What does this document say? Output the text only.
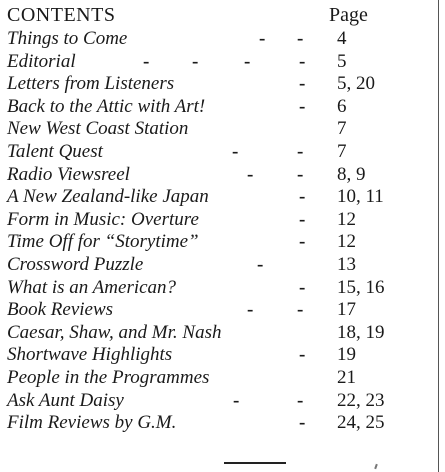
CONTENTS	Page
Things to Come	- - 4
Editorial	- - -	- 5
Letters from Listeners	- 5, 20
Back to the Attic with Art!	- 6
New West Coast Station	7
Talent Quest	-	- 7
Radio Viewsreel	- - 8, 9
A New Zealand-like Japan	- 10, 11
Form in Music: Overture	- 12
Time Off for “Storytime”	- 12
Crossword Puzzle	-	13
What is an American?	- 15, 16
Book Reviews	- - 17
Caesar, Shaw, and Mr. Nash	18, 19
Shortwave Highlights	- 19
People in the Programmes	21
Ask Aunt Daisy	-	- 22, 23
Film Reviews by G.M.	- 24, 25
